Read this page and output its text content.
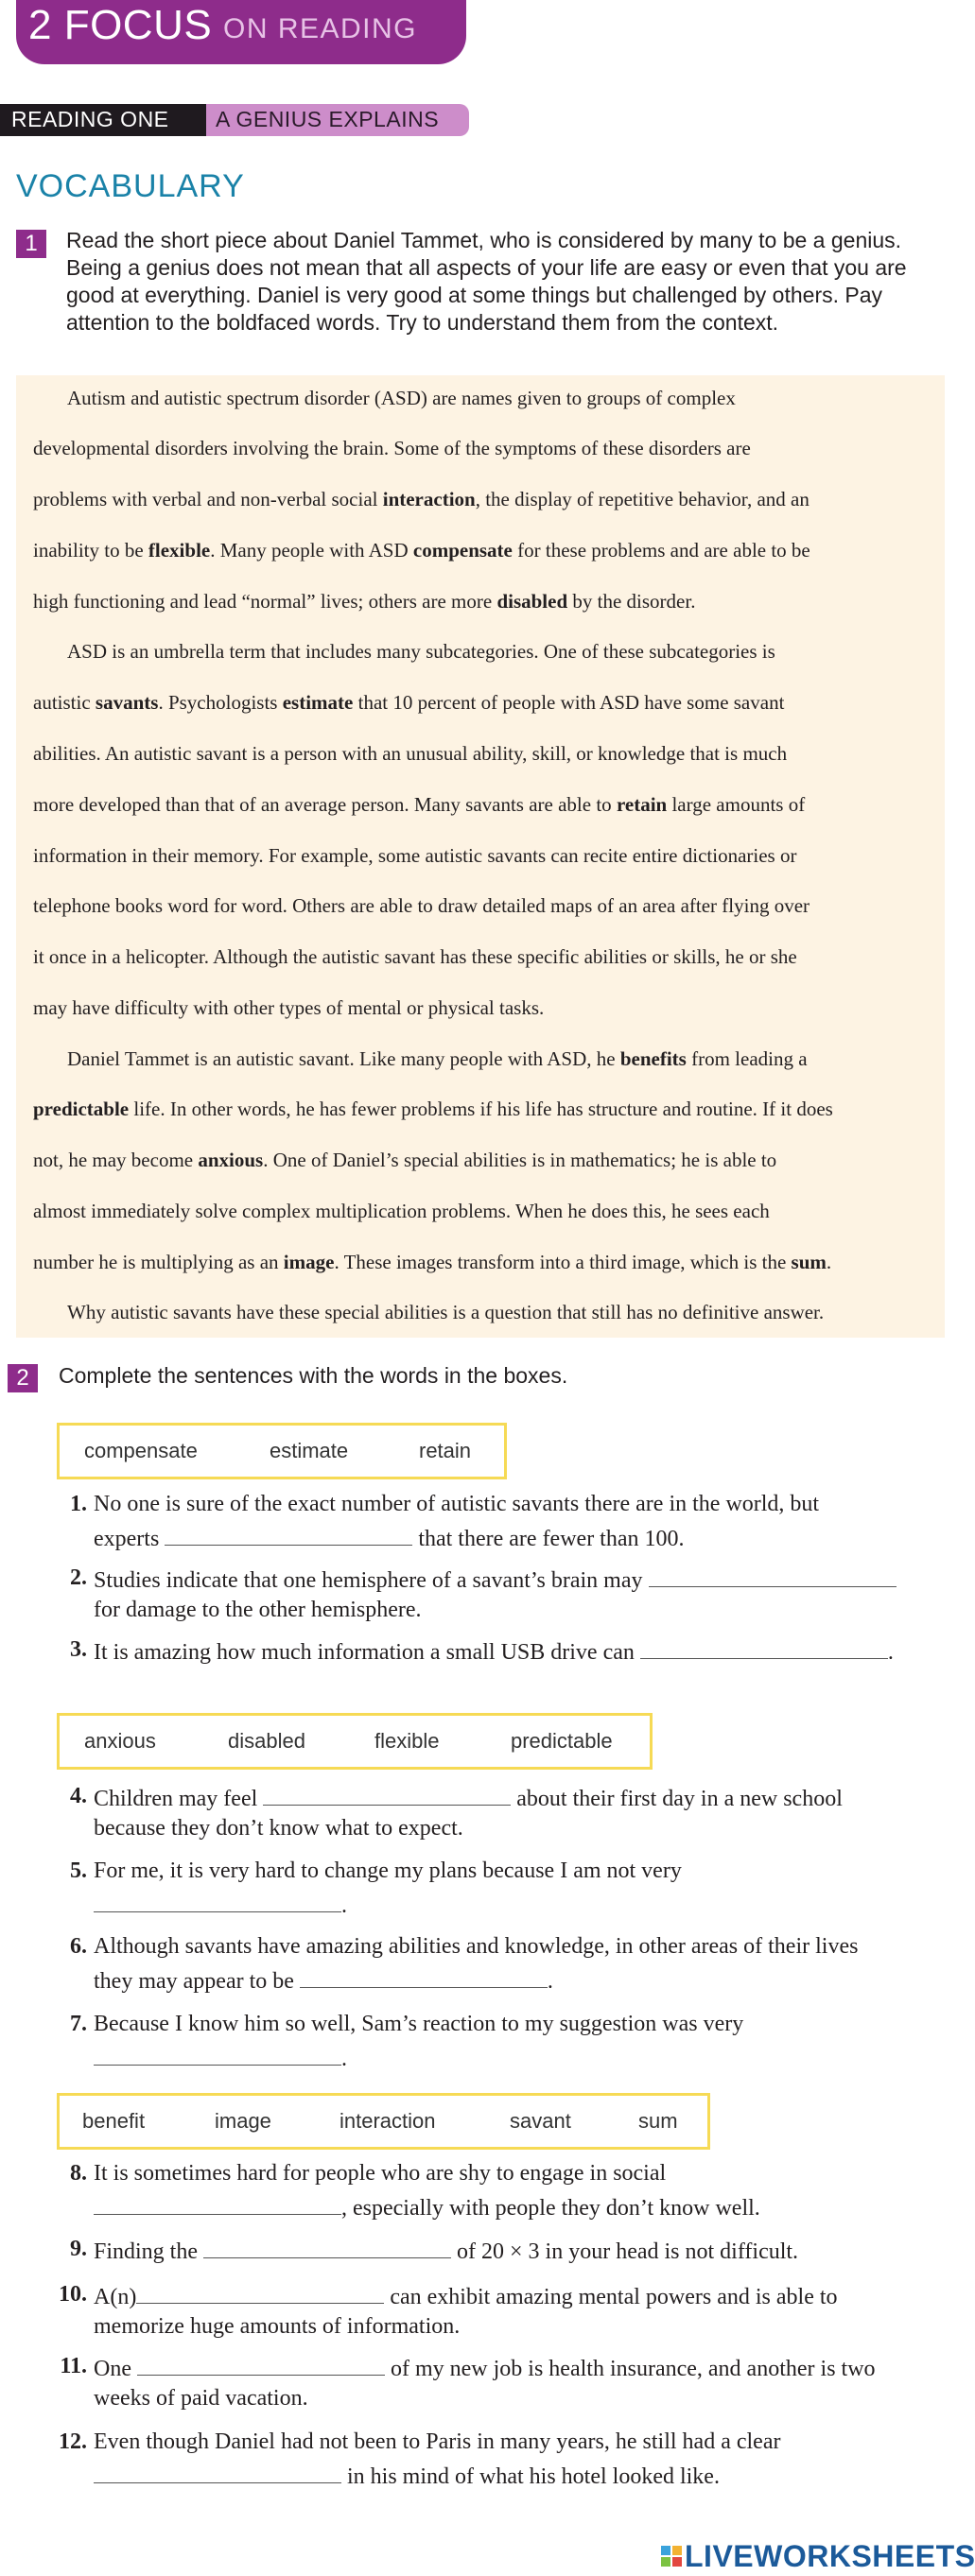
2 FOCUS ON READING
READING ONE A GENIUS EXPLAINS
VOCABULARY
1	Read the short piece about Daniel Tammet, who is considered by many to be a genius.
Being a genius does not mean that all aspects of your life are easy or even that you are
good at everything. Daniel is very good at some things but challenged by others. Pay
attention to the boldfaced words. Try to understand them from the context.
Autism and autistic spectrum disorder (ASD) are names given to groups of complex
developmental disorders involving the brain. Some of the symptoms of these disorders are
problems with verbal and non-verbal social interaction, the display of repetitive behavior, and an
inability to be flexible. Many people with ASD compensate for these problems and are able to be
high functioning and lead “normal” lives; others are more disabled by the disorder.
ASD is an umbrella term that includes many subcategories. One of these subcategories is
autistic savants. Psychologists estimate that 10 percent of people with ASD have some savant
abilities. An autistic savant is a person with an unusual ability, skill, or knowledge that is much
more developed than that of an average person. Many savants are able to retain large amounts of
information in their memory. For example, some autistic savants can recite entire dictionaries or
telephone books word for word. Others are able to draw detailed maps of an area after flying over
it once in a helicopter. Although the autistic savant has these specific abilities or skills, he or she
may have difficulty with other types of mental or physical tasks.
Daniel Tammet is an autistic savant. Like many people with ASD, he benefits from leading a
predictable life. In other words, he has fewer problems if his life has structure and routine. If it does
not, he may become anxious. One of Daniel’s special abilities is in mathematics; he is able to
almost immediately solve complex multiplication problems. When he does this, he sees each
number he is multiplying as an image. These images transform into a third image, which is the sum.
Why autistic savants have these special abilities is a question that still has no definitive answer.
2	Complete the sentences with the words in the boxes.
compensate	estimate	retain
anxious	disabled	flexible	predictable
benefit	image	interaction	savant	sum
1. No one is sure of the exact number of autistic savants there are in the world, but
experts	that there are fewer than 100.
2. Studies indicate that one hemisphere of a savant’s brain may
for damage to the other hemisphere.
3. It is amazing how much information a small USB drive can	.
4. Children may feel	about their first day in a new school
because they don’t know what to expect.
5. For me, it is very hard to change my plans because I am not very
.
6. Although savants have amazing abilities and knowledge, in other areas of their lives
they may appear to be	.
7. Because I know him so well, Sam’s reaction to my suggestion was very
.
8. It is sometimes hard for people who are shy to engage in social
, especially with people they don’t know well.
9. Finding the	of 20 × 3 in your head is not difficult.
10. A(n)	can exhibit amazing mental powers and is able to
memorize huge amounts of information.
11. One	of my new job is health insurance, and another is two
weeks of paid vacation.
12. Even though Daniel had not been to Paris in many years, he still had a clear
in his mind of what his hotel looked like.
LIVEWORKSHEETS
